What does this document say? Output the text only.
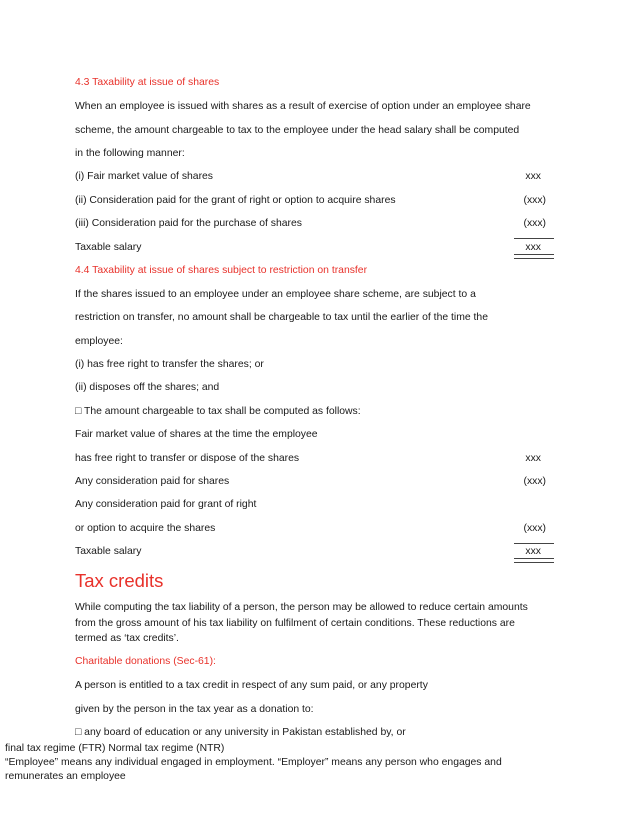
4.3 Taxability at issue of shares
When an employee is issued with shares as a result of exercise of option under an employee share
scheme, the amount chargeable to tax to the employee under the head salary shall be computed
in the following manner:
(i) Fair market value of shares	xxx
(ii) Consideration paid for the grant of right or option to acquire shares	(xxx)
(iii) Consideration paid for the purchase of shares	(xxx)
Taxable salary	xxx
4.4 Taxability at issue of shares subject to restriction on transfer
If the shares issued to an employee under an employee share scheme, are subject to a
restriction on transfer, no amount shall be chargeable to tax until the earlier of the time the
employee:
(i) has free right to transfer the shares; or
(ii) disposes off the shares; and
□ The amount chargeable to tax shall be computed as follows:
Fair market value of shares at the time the employee
has free right to transfer or dispose of the shares	xxx
Any consideration paid for shares	(xxx)
Any consideration paid for grant of right
or option to acquire the shares	(xxx)
Taxable salary	xxx
Tax credits
While computing the tax liability of a person, the person may be allowed to reduce certain amounts from the gross amount of his tax liability on fulfilment of certain conditions. These reductions are termed as ‘tax credits’.
Charitable donations (Sec-61):
A person is entitled to a tax credit in respect of any sum paid, or any property
given by the person in the tax year as a donation to:
□ any board of education or any university in Pakistan established by, or
final tax regime (FTR) Normal tax regime (NTR)
“Employee” means any individual engaged in employment. “Employer” means any person who engages and
remunerates an employee
